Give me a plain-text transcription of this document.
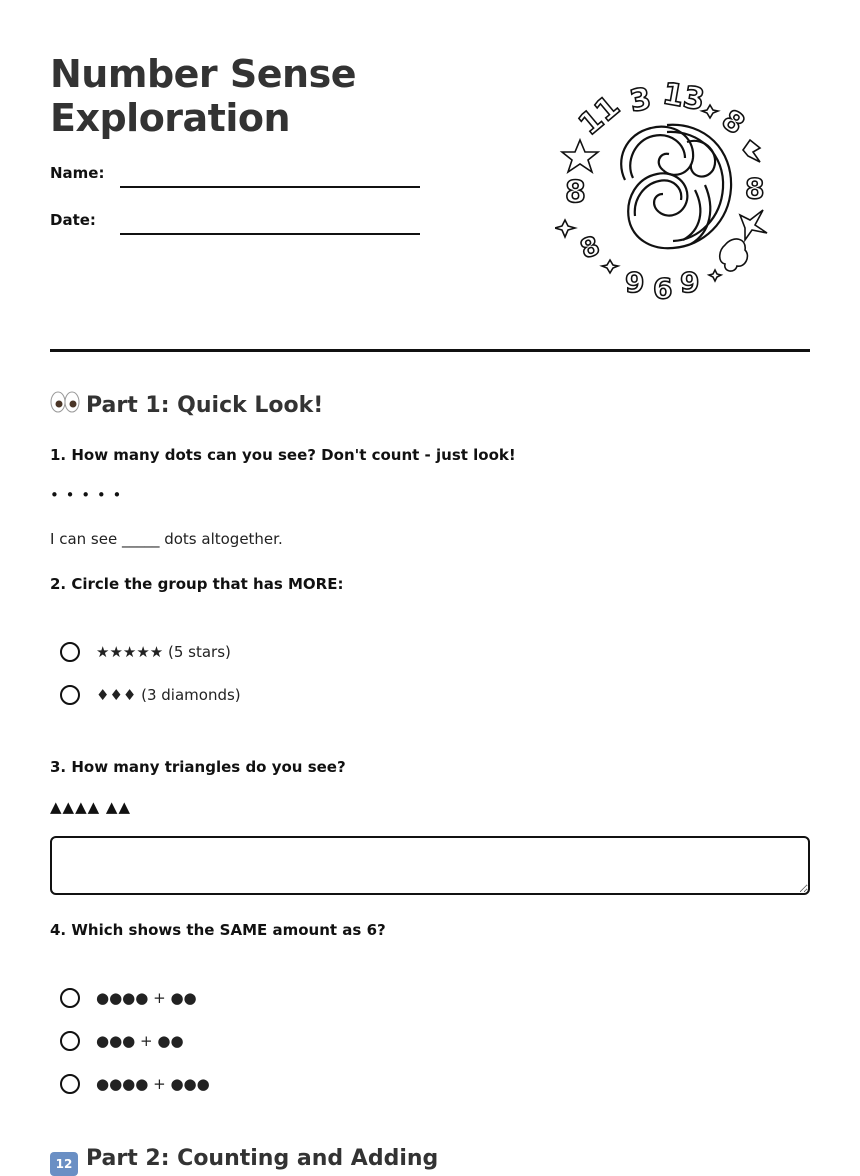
Number Sense
Exploration
Name:
Date:
11 3 13
8
8
8
8
9 6 9
Part 1: Quick Look!
1. How many dots can you see? Don't count - just look!
• • • • •
I can see _____ dots altogether.
2. Circle the group that has MORE:
★★★★★ (5 stars)
♦♦♦ (3 diamonds)
3. How many triangles do you see?
▲▲▲▲ ▲▲
4. Which shows the SAME amount as 6?
●●●● + ●●
●●● + ●●
●●●● + ●●●
12 Part 2: Counting and Adding
